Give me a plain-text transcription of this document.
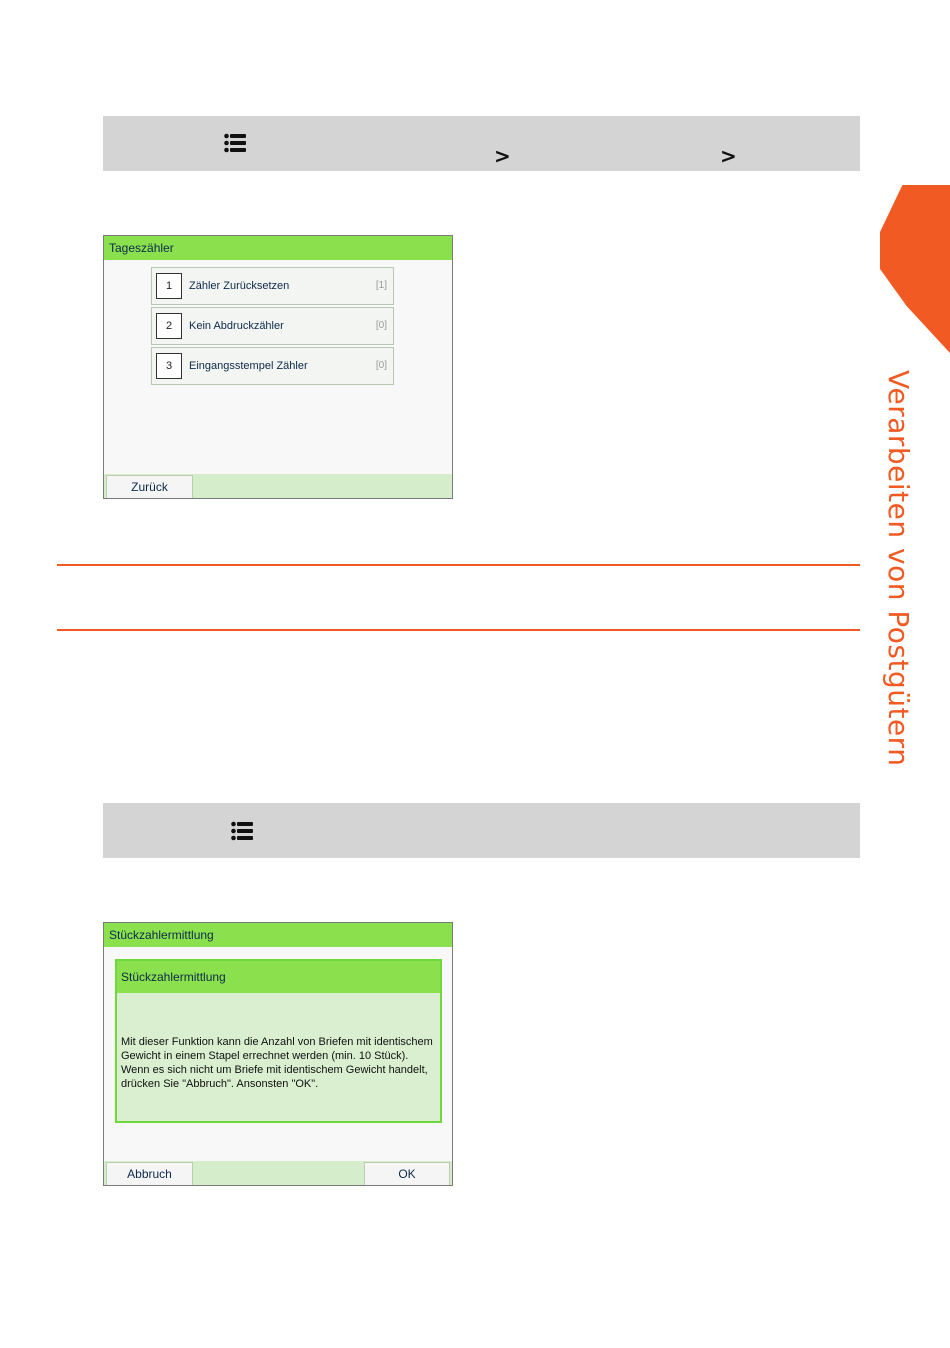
>	>
Tageszähler
1	Zähler Zurücksetzen	[1]
2	Kein Abdruckzähler	[0]
3	Eingangsstempel Zähler	[0]
Zurück
Stückzahlermittlung
Stückzahlermittlung
Mit dieser Funktion kann die Anzahl von Briefen mit identischem Gewicht in einem Stapel errechnet werden (min. 10 Stück). Wenn es sich nicht um Briefe mit identischem Gewicht handelt, drücken Sie "Abbruch". Ansonsten "OK".
Abbruch	OK
Verarbeiten von Postgütern
